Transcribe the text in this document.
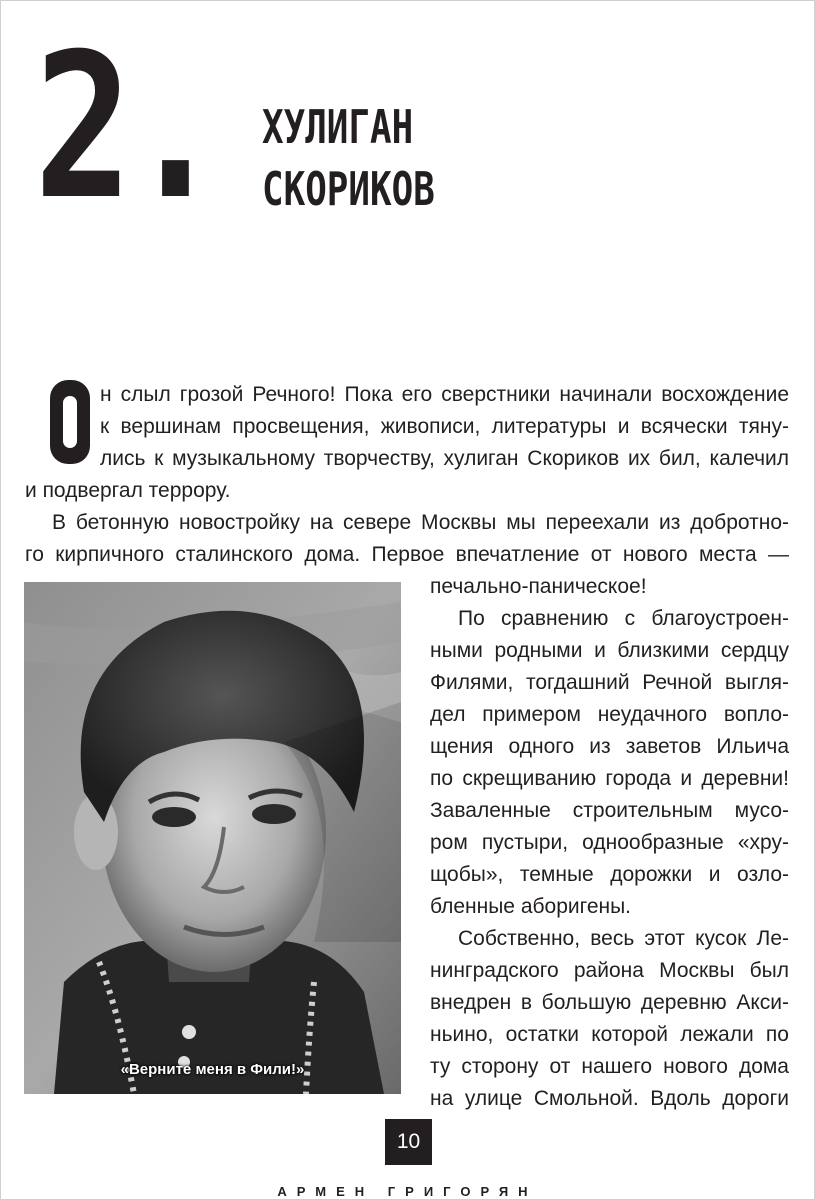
2. ХУЛИГАН
СКОРИКОВ
н слыл грозой Речного! Пока его сверстники начинали восхождение
к вершинам просвещения, живописи, литературы и всячески тяну-
лись к музыкальному творчеству, хулиган Скориков их бил, калечил
и подвергал террору.
В бетонную новостройку на севере Москвы мы переехали из добротно-
го кирпичного сталинского дома. Первое впечатление от нового места —
печально-паническое!
По сравнению с благоустроен-
ными родными и близкими сердцу
Филями, тогдашний Речной выгля-
дел примером неудачного вопло-
щения одного из заветов Ильича
по скрещиванию города и деревни!
Заваленные строительным мусо-
ром пустыри, однообразные «хру-
щобы», темные дорожки и озло-
бленные аборигены.
Собственно, весь этот кусок Ле-
нинградского района Москвы был
внедрен в большую деревню Акси-
ньино, остатки которой лежали по
ту сторону от нашего нового дома
на улице Смольной. Вдоль дороги
«Верните меня в Фили!»
10
АРМЕН ГРИГОРЯН
